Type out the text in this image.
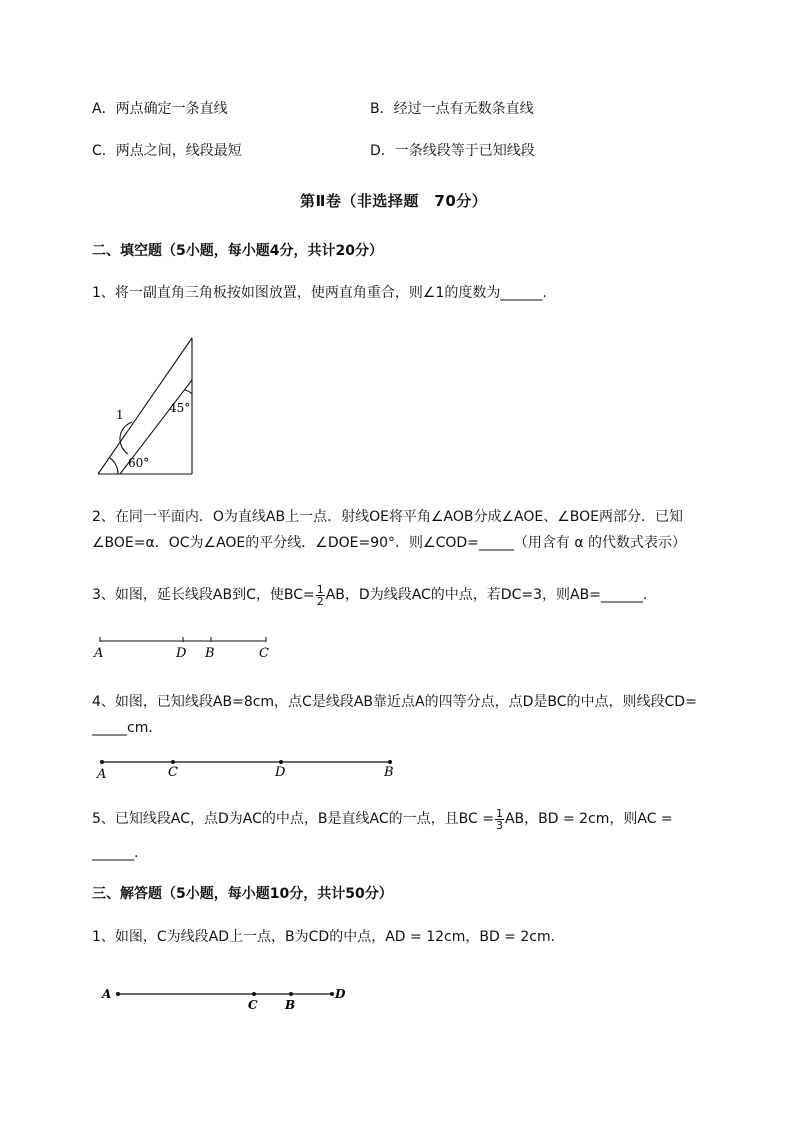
A．两点确定一条直线	B．经过一点有无数条直线
C．两点之间，线段最短	D．一条线段等于已知线段
第Ⅱ卷（非选择题　70分）
二、填空题（5小题，每小题4分，共计20分）
1、将一副直角三角板按如图放置，使两直角重合，则∠1的度数为______.
1	45°
60°
2、在同一平面内．O为直线AB上一点．射线OE将平角∠AOB分成∠AOE、∠BOE两部分．已知
∠BOE=α．OC为∠AOE的平分线．∠DOE=90°．则∠COD=_____（用含有 α 的代数式表示）
3、如图，延长线段AB到C，使$BC= \frac{1}{2}$ AB，D为线段AC的中点，若DC=3，则AB=______.
A	D B	C
4、如图，已知线段AB=8cm，点C是线段AB靠近点A的四等分点，点D是BC的中点，则线段CD=
_____cm．
A	C	D	B
5、已知线段AC，点D为AC的中点，B是直线AC的一点，且BC = $\frac{1}{3}$ AB，BD = 2cm，则AC =
______.
三、解答题（5小题，每小题10分，共计50分）
1、如图，C为线段AD上一点，B为CD的中点，AD = 12cm，BD = 2cm．
A
C B
D
